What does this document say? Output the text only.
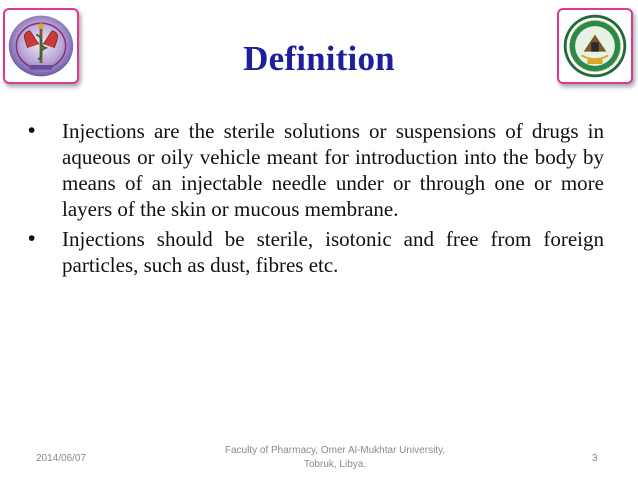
Definition
• Injections are the sterile solutions or suspensions of drugs in aqueous or oily vehicle meant for introduction into the body by means of an injectable needle under or through one or more layers of the skin or mucous membrane.
• Injections should be sterile, isotonic and free from foreign particles, such as dust, fibres etc.
2014/06/07
Faculty of Pharmacy, Omer Al-Mukhtar University,
Tobruk, Libya.
3
